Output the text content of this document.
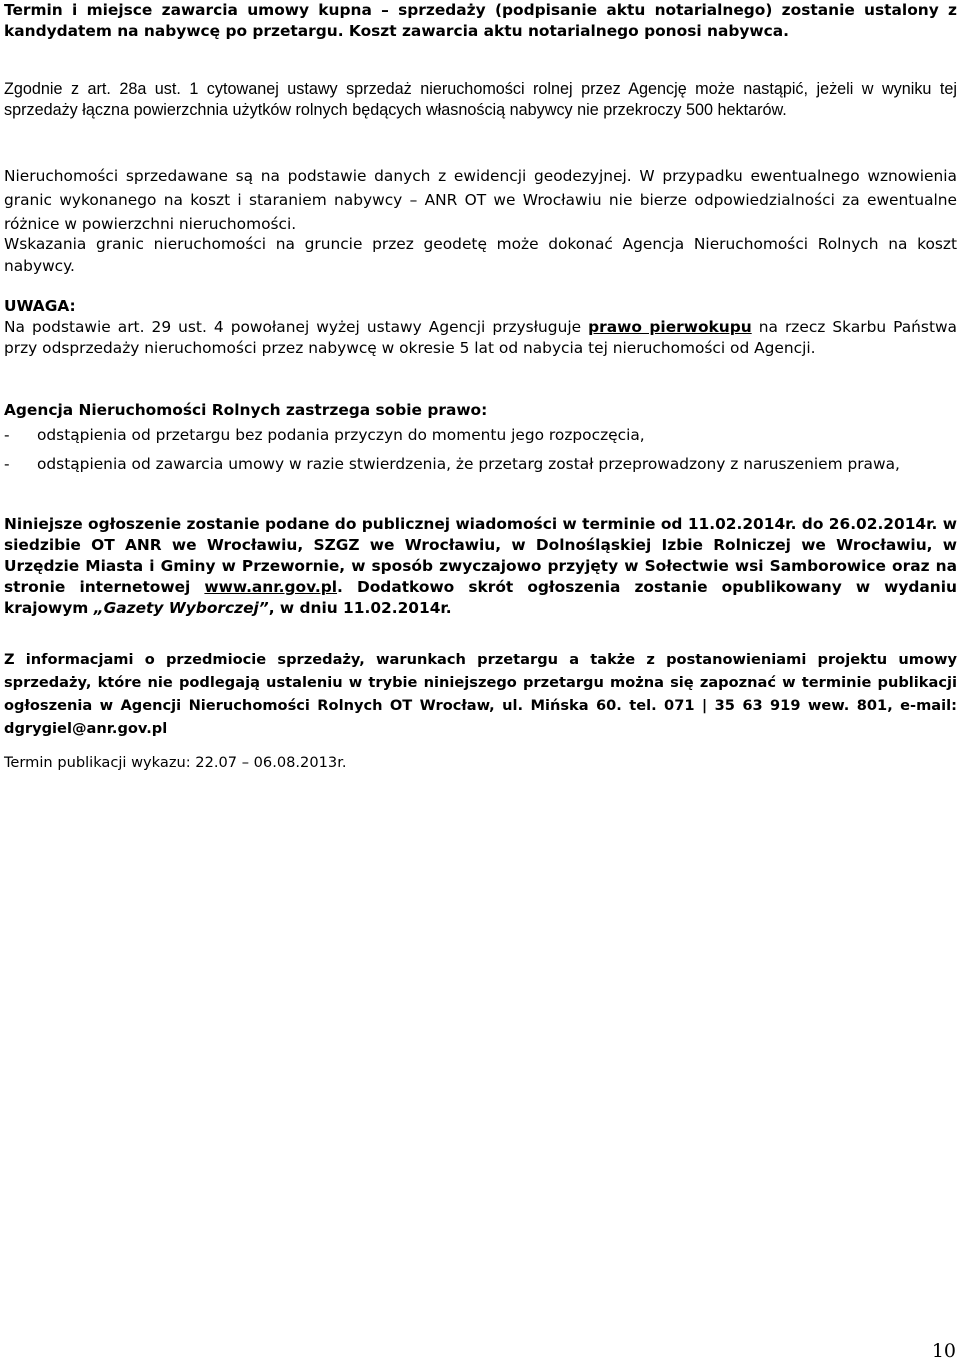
Termin i miejsce zawarcia umowy kupna – sprzedaży (podpisanie aktu notarialnego) zostanie ustalony z kandydatem na nabywcę po przetargu. Koszt zawarcia aktu notarialnego ponosi nabywca.

Zgodnie z art. 28a ust. 1 cytowanej ustawy sprzedaż nieruchomości rolnej przez Agencję może nastąpić, jeżeli w wyniku tej sprzedaży łączna powierzchnia użytków rolnych będących własnością nabywcy nie przekroczy 500 hektarów.

Nieruchomości sprzedawane są na podstawie danych z ewidencji geodezyjnej. W przypadku ewentualnego wznowienia granic wykonanego na koszt i staraniem nabywcy – ANR OT we Wrocławiu nie bierze odpowiedzialności za ewentualne różnice w powierzchni nieruchomości.

Wskazania granic nieruchomości na gruncie przez geodetę może dokonać Agencja Nieruchomości Rolnych na koszt nabywcy.

UWAGA:

Na podstawie art. 29 ust. 4 powołanej wyżej ustawy Agencji przysługuje prawo pierwokupu na rzecz Skarbu Państwa przy odsprzedaży nieruchomości przez nabywcę w okresie 5 lat od nabycia tej nieruchomości od Agencji.

Agencja Nieruchomości Rolnych zastrzega sobie prawo:

-	odstąpienia od przetargu bez podania przyczyn do momentu jego rozpoczęcia,

-	odstąpienia od zawarcia umowy w razie stwierdzenia, że przetarg został przeprowadzony z naruszeniem prawa,

Niniejsze ogłoszenie zostanie podane do publicznej wiadomości w terminie od 11.02.2014r. do 26.02.2014r. w siedzibie OT ANR we Wrocławiu, SZGZ we Wrocławiu, w Dolnośląskiej Izbie Rolniczej we Wrocławiu, w Urzędzie Miasta i Gminy w Przewornie, w sposób zwyczajowo przyjęty w Sołectwie wsi Samborowice oraz na stronie internetowej www.anr.gov.pl. Dodatkowo skrót ogłoszenia zostanie opublikowany w wydaniu krajowym „Gazety Wyborczej”, w dniu 11.02.2014r.

Z informacjami o przedmiocie sprzedaży, warunkach przetargu a także z postanowieniami projektu umowy sprzedaży, które nie podlegają ustaleniu w trybie niniejszego przetargu można się zapoznać w terminie publikacji ogłoszenia w Agencji Nieruchomości Rolnych OT Wrocław, ul. Mińska 60. tel. 071 | 35 63 919 wew. 801, e-mail: dgrygiel@anr.gov.pl

Termin publikacji wykazu: 22.07 – 06.08.2013r.

10
